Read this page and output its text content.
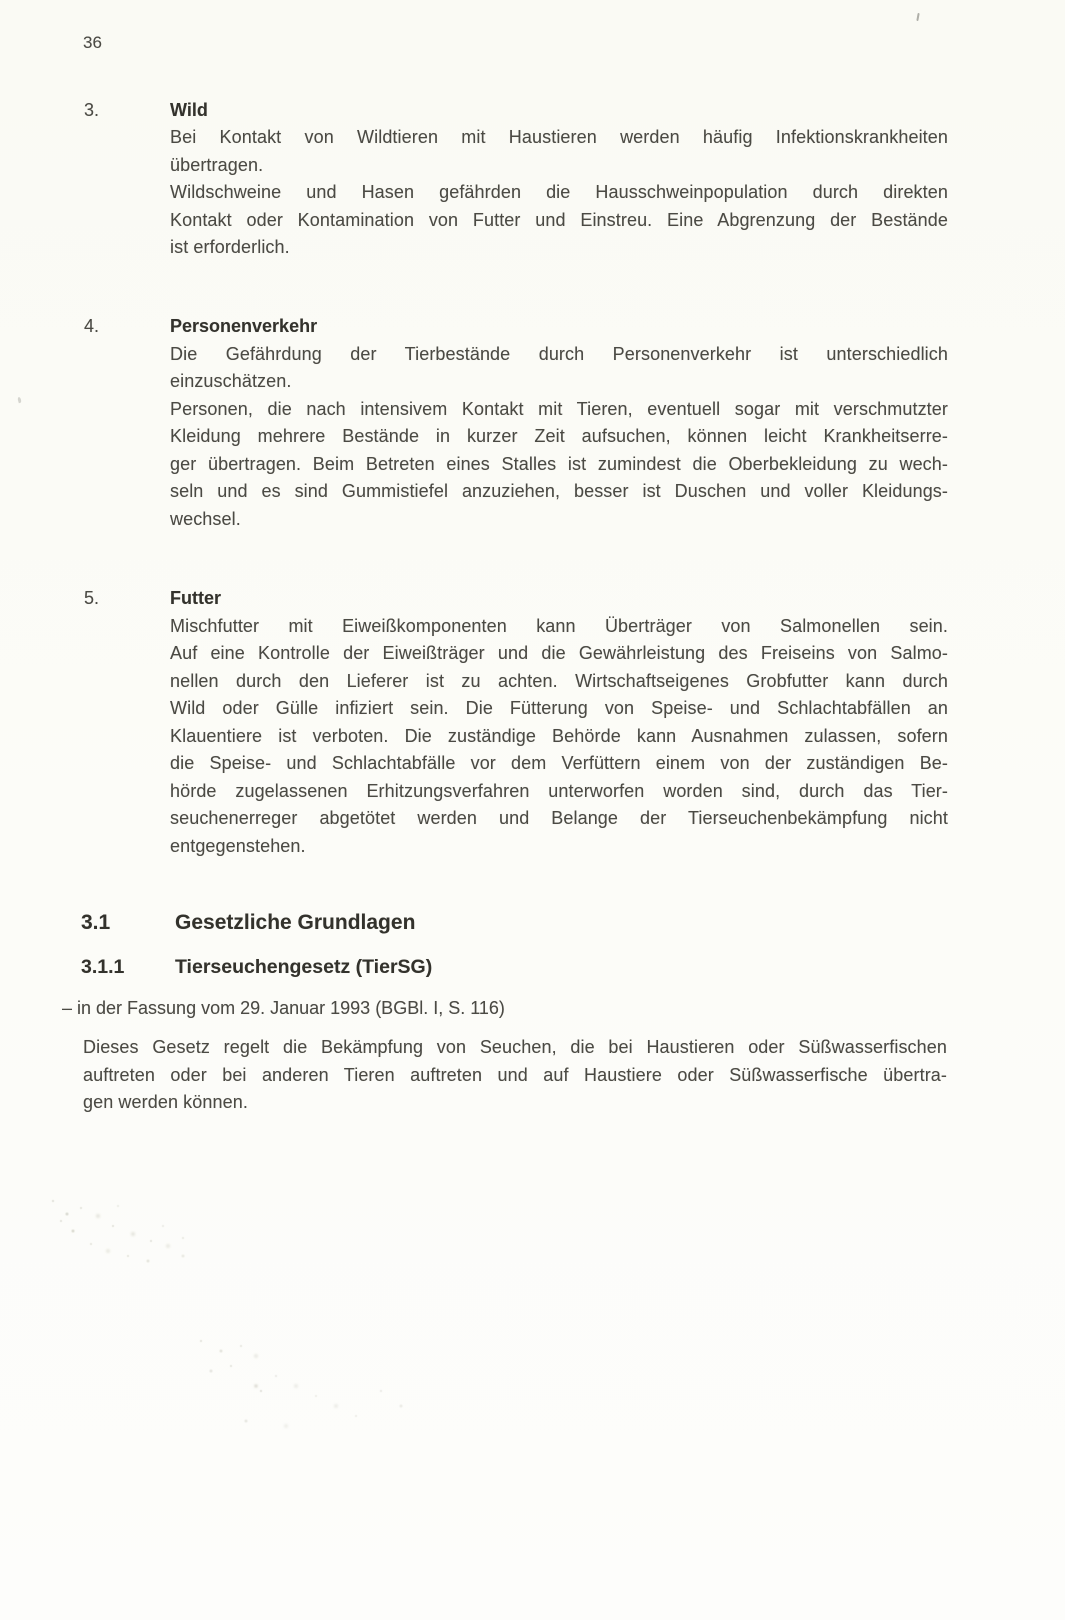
36
3.	Wild
Bei Kontakt von Wildtieren mit Haustieren werden häufig Infektionskrankheiten
übertragen.
Wildschweine und Hasen gefährden die Hausschweinpopulation durch direkten
Kontakt oder Kontamination von Futter und Einstreu. Eine Abgrenzung der Bestände
ist erforderlich.
4.	Personenverkehr
Die Gefährdung der Tierbestände durch Personenverkehr ist unterschiedlich
einzuschätzen.
Personen, die nach intensivem Kontakt mit Tieren, eventuell sogar mit verschmutzter
Kleidung mehrere Bestände in kurzer Zeit aufsuchen, können leicht Krankheitserre-
ger übertragen. Beim Betreten eines Stalles ist zumindest die Oberbekleidung zu wech-
seln und es sind Gummistiefel anzuziehen, besser ist Duschen und voller Kleidungs-
wechsel.
5.	Futter
Mischfutter mit Eiweißkomponenten kann Überträger von Salmonellen sein.
Auf eine Kontrolle der Eiweißträger und die Gewährleistung des Freiseins von Salmo-
nellen durch den Lieferer ist zu achten. Wirtschaftseigenes Grobfutter kann durch
Wild oder Gülle infiziert sein. Die Fütterung von Speise- und Schlachtabfällen an
Klauentiere ist verboten. Die zuständige Behörde kann Ausnahmen zulassen, sofern
die Speise- und Schlachtabfälle vor dem Verfüttern einem von der zuständigen Be-
hörde zugelassenen Erhitzungsverfahren unterworfen worden sind, durch das Tier-
seuchenerreger abgetötet werden und Belange der Tierseuchenbekämpfung nicht
entgegenstehen.
3.1	Gesetzliche Grundlagen
3.1.1	Tierseuchengesetz (TierSG)
– in der Fassung vom 29. Januar 1993 (BGBl. I, S. 116)
Dieses Gesetz regelt die Bekämpfung von Seuchen, die bei Haustieren oder Süßwasserfischen
auftreten oder bei anderen Tieren auftreten und auf Haustiere oder Süßwasserfische übertra-
gen werden können.
